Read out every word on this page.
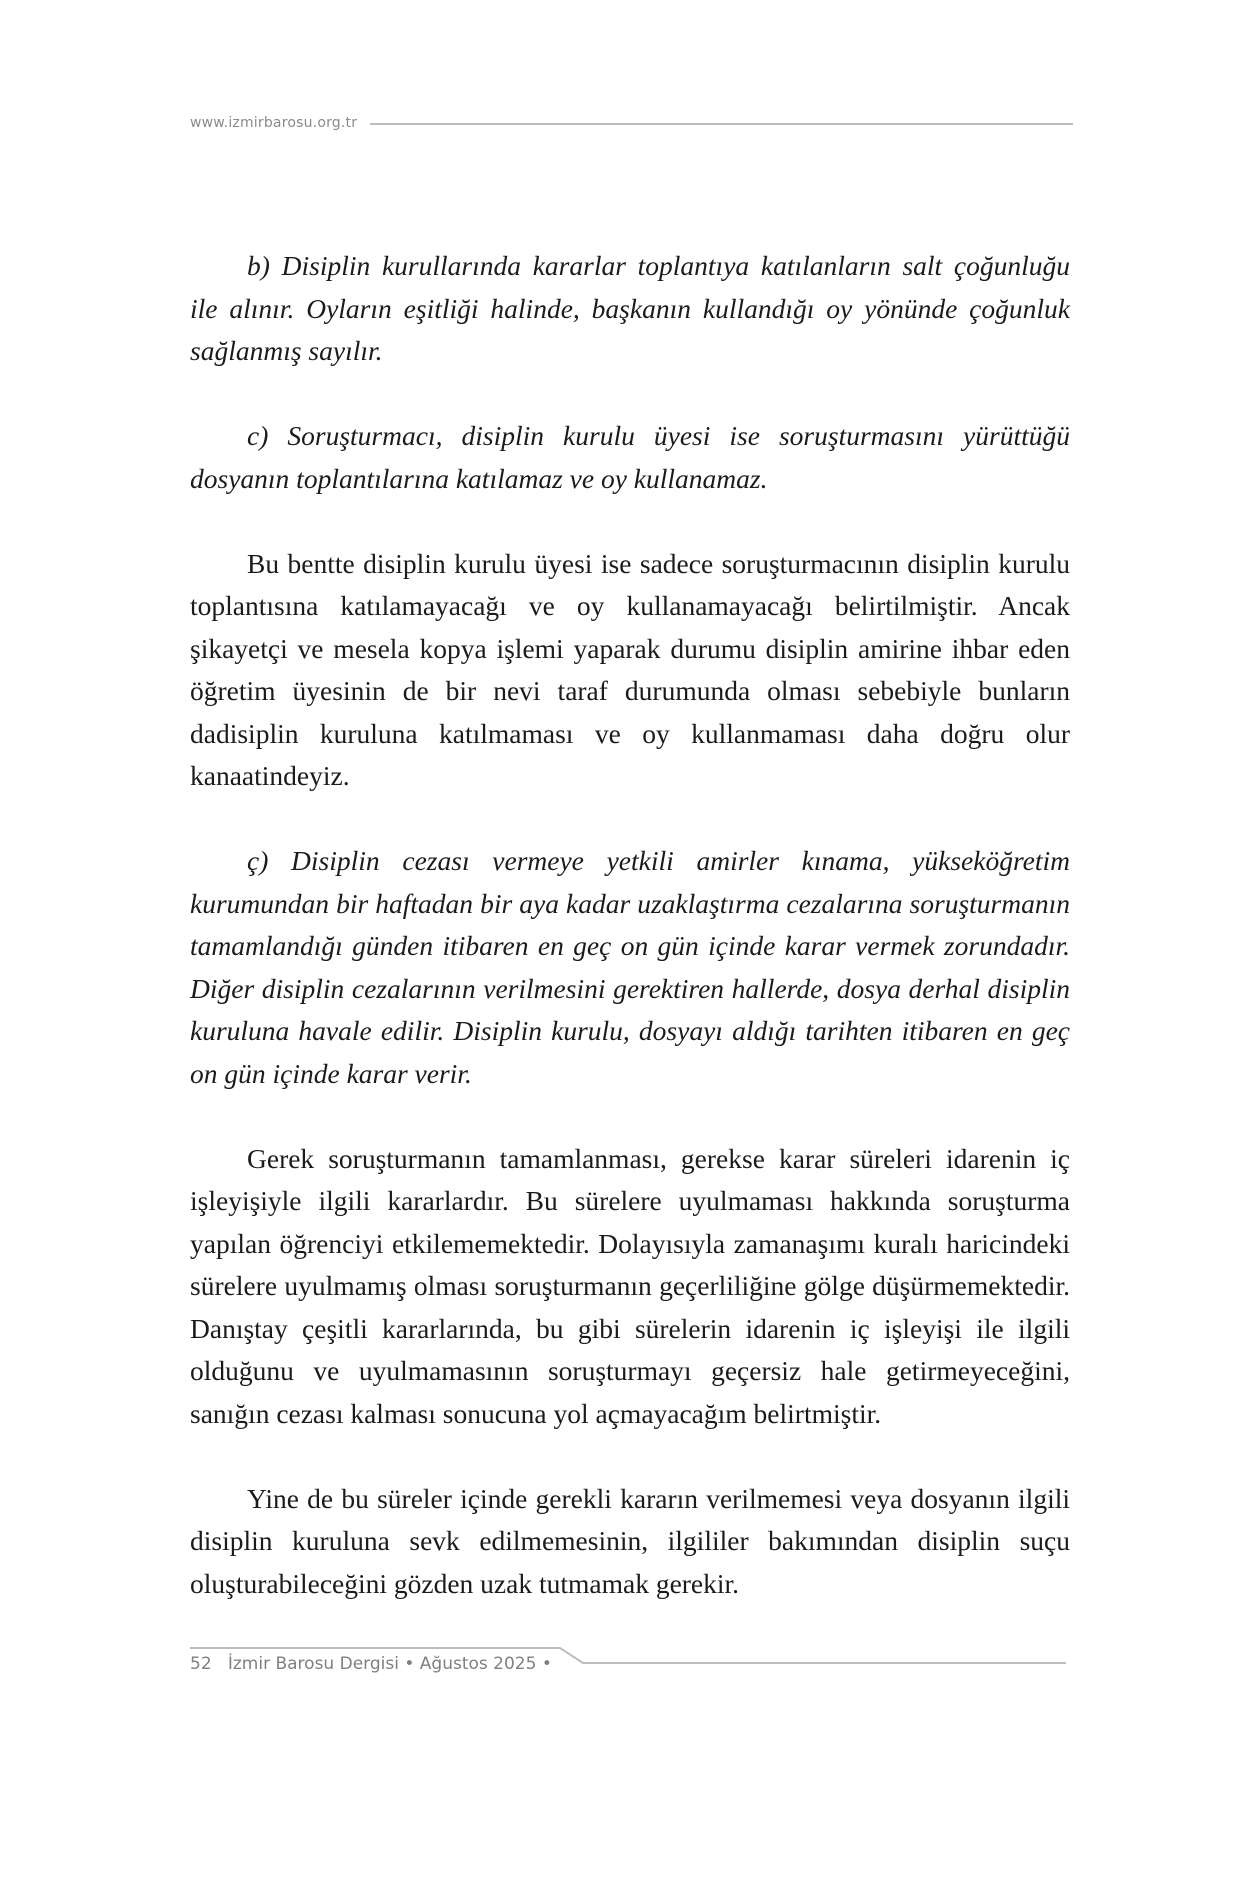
www.izmirbarosu.org.tr

b) Disiplin kurullarında kararlar toplantıya katılanların salt çoğunluğu ile alınır. Oyların eşitliği halinde, başkanın kullandığı oy yönünde çoğunluk sağlanmış sayılır.

c) Soruşturmacı, disiplin kurulu üyesi ise soruşturmasını yürüttüğü dosyanın toplantılarına katılamaz ve oy kullanamaz.

Bu bentte disiplin kurulu üyesi ise sadece soruşturmacının disiplin kurulu toplantısına katılamayacağı ve oy kullanamayacağı belirtilmiştir. Ancak şikayetçi ve mesela kopya işlemi yaparak durumu disiplin amirine ihbar eden öğretim üyesinin de bir nevi taraf durumunda olması sebebiyle bunların dadisiplin kuruluna katılmaması ve oy kullanmaması daha doğru olur kanaatindeyiz.

ç) Disiplin cezası vermeye yetkili amirler kınama, yükseköğretim kurumundan bir haftadan bir aya kadar uzaklaştırma cezalarına soruşturmanın tamamlandığı günden itibaren en geç on gün içinde karar vermek zorundadır. Diğer disiplin cezalarının verilmesini gerektiren hallerde, dosya derhal disiplin kuruluna havale edilir. Disiplin kurulu, dosyayı aldığı tarihten itibaren en geç on gün içinde karar verir.

Gerek soruşturmanın tamamlanması, gerekse karar süreleri idarenin iç işleyişiyle ilgili kararlardır. Bu sürelere uyulmaması hakkında soruşturma yapılan öğrenciyi etkilememektedir. Dolayısıyla zamanaşımı kuralı haricindeki sürelere uyulmamış olması soruşturmanın geçerliliğine gölge düşürmemektedir. Danıştay çeşitli kararlarında, bu gibi sürelerin idarenin iç işleyişi ile ilgili olduğunu ve uyulmamasının soruşturmayı geçersiz hale getirmeyeceğini, sanığın cezası kalması sonucuna yol açmayacağım belirtmiştir.

Yine de bu süreler içinde gerekli kararın verilmemesi veya dosyanın ilgili disiplin kuruluna sevk edilmemesinin, ilgililer bakımından disiplin suçu oluşturabileceğini gözden uzak tutmamak gerekir.

52 İzmir Barosu Dergisi • Ağustos 2025 •
